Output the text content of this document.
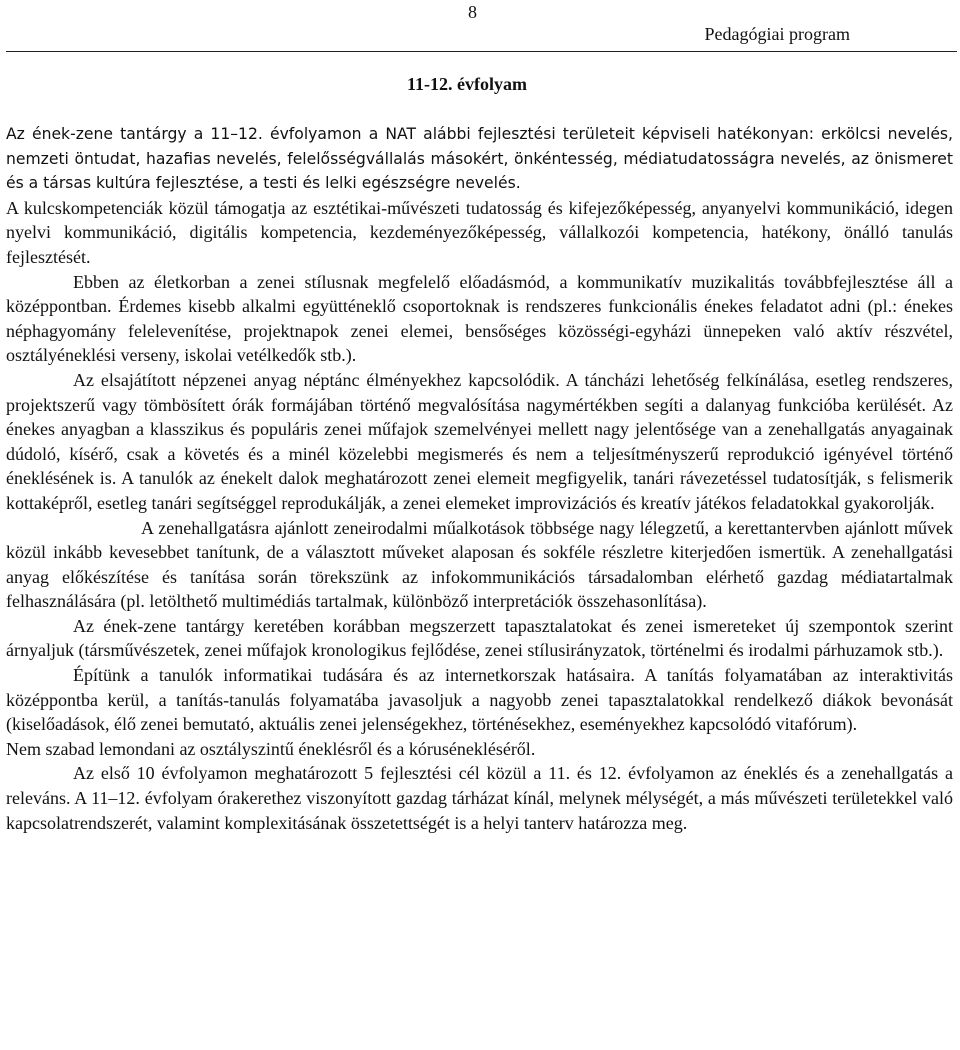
8
Pedagógiai program
11-12. évfolyam

Az ének-zene tantárgy a 11–12. évfolyamon a NAT alábbi fejlesztési területeit képviseli hatékonyan: erkölcsi nevelés, nemzeti öntudat, hazafias nevelés, felelősségvállalás másokért, önkéntesség, médiatudatosságra nevelés, az önismeret és a társas kultúra fejlesztése, a testi és lelki egészségre nevelés.

A kulcskompetenciák közül támogatja az esztétikai-művészeti tudatosság és kifejezőképesség, anyanyelvi kommunikáció, idegen nyelvi kommunikáció, digitális kompetencia, kezdeményezőképesség, vállalkozói kompetencia, hatékony, önálló tanulás fejlesztését.

Ebben az életkorban a zenei stílusnak megfelelő előadásmód, a kommunikatív muzikalitás továbbfejlesztése áll a középpontban. Érdemes kisebb alkalmi együtténeklő csoportoknak is rendszeres funkcionális énekes feladatot adni (pl.: énekes néphagyomány felelevenítése, projektnapok zenei elemei, bensőséges közösségi-egyházi ünnepeken való aktív részvétel, osztályéneklési verseny, iskolai vetélkedők stb.).

Az elsajátított népzenei anyag néptánc élményekhez kapcsolódik. A táncházi lehetőség felkínálása, esetleg rendszeres, projektszerű vagy tömbösített órák formájában történő megvalósítása nagymértékben segíti a dalanyag funkcióba kerülését. Az énekes anyagban a klasszikus és populáris zenei műfajok szemelvényei mellett nagy jelentősége van a zenehallgatás anyagainak dúdoló, kísérő, csak a követés és a minél közelebbi megismerés és nem a teljesítményszerű reprodukció igényével történő éneklésének is. A tanulók az énekelt dalok meghatározott zenei elemeit megfigyelik, tanári rávezetéssel tudatosítják, s felismerik kottaképről, esetleg tanári segítséggel reprodukálják, a zenei elemeket improvizációs és kreatív játékos feladatokkal gyakorolják.

A zenehallgatásra ajánlott zeneirodalmi műalkotások többsége nagy lélegzetű, a kerettantervben ajánlott művek közül inkább kevesebbet tanítunk, de a választott műveket alaposan és sokféle részletre kiterjedően ismertük. A zenehallgatási anyag előkészítése és tanítása során törekszünk az infokommunikációs társadalomban elérhető gazdag médiatartalmak felhasználására (pl. letölthető multimédiás tartalmak, különböző interpretációk összehasonlítása).

Az ének-zene tantárgy keretében korábban megszerzett tapasztalatokat és zenei ismereteket új szempontok szerint árnyaljuk (társművészetek, zenei műfajok kronologikus fejlődése, zenei stílusirányzatok, történelmi és irodalmi párhuzamok stb.).

Építünk a tanulók informatikai tudására és az internetkorszak hatásaira. A tanítás folyamatában az interaktivitás középpontba kerül, a tanítás-tanulás folyamatába javasoljuk a nagyobb zenei tapasztalatokkal rendelkező diákok bevonását (kiselőadások, élő zenei bemutató, aktuális zenei jelenségekhez, történésekhez, eseményekhez kapcsolódó vitafórum).

Nem szabad lemondani az osztályszintű éneklésről és a kórusénekléséről.

Az első 10 évfolyamon meghatározott 5 fejlesztési cél közül a 11. és 12. évfolyamon az éneklés és a zenehallgatás a releváns. A 11–12. évfolyam órakerethez viszonyított gazdag tárházat kínál, melynek mélységét, a más művészeti területekkel való kapcsolatrendszerét, valamint komplexitásának összetettségét is a helyi tanterv határozza meg.
